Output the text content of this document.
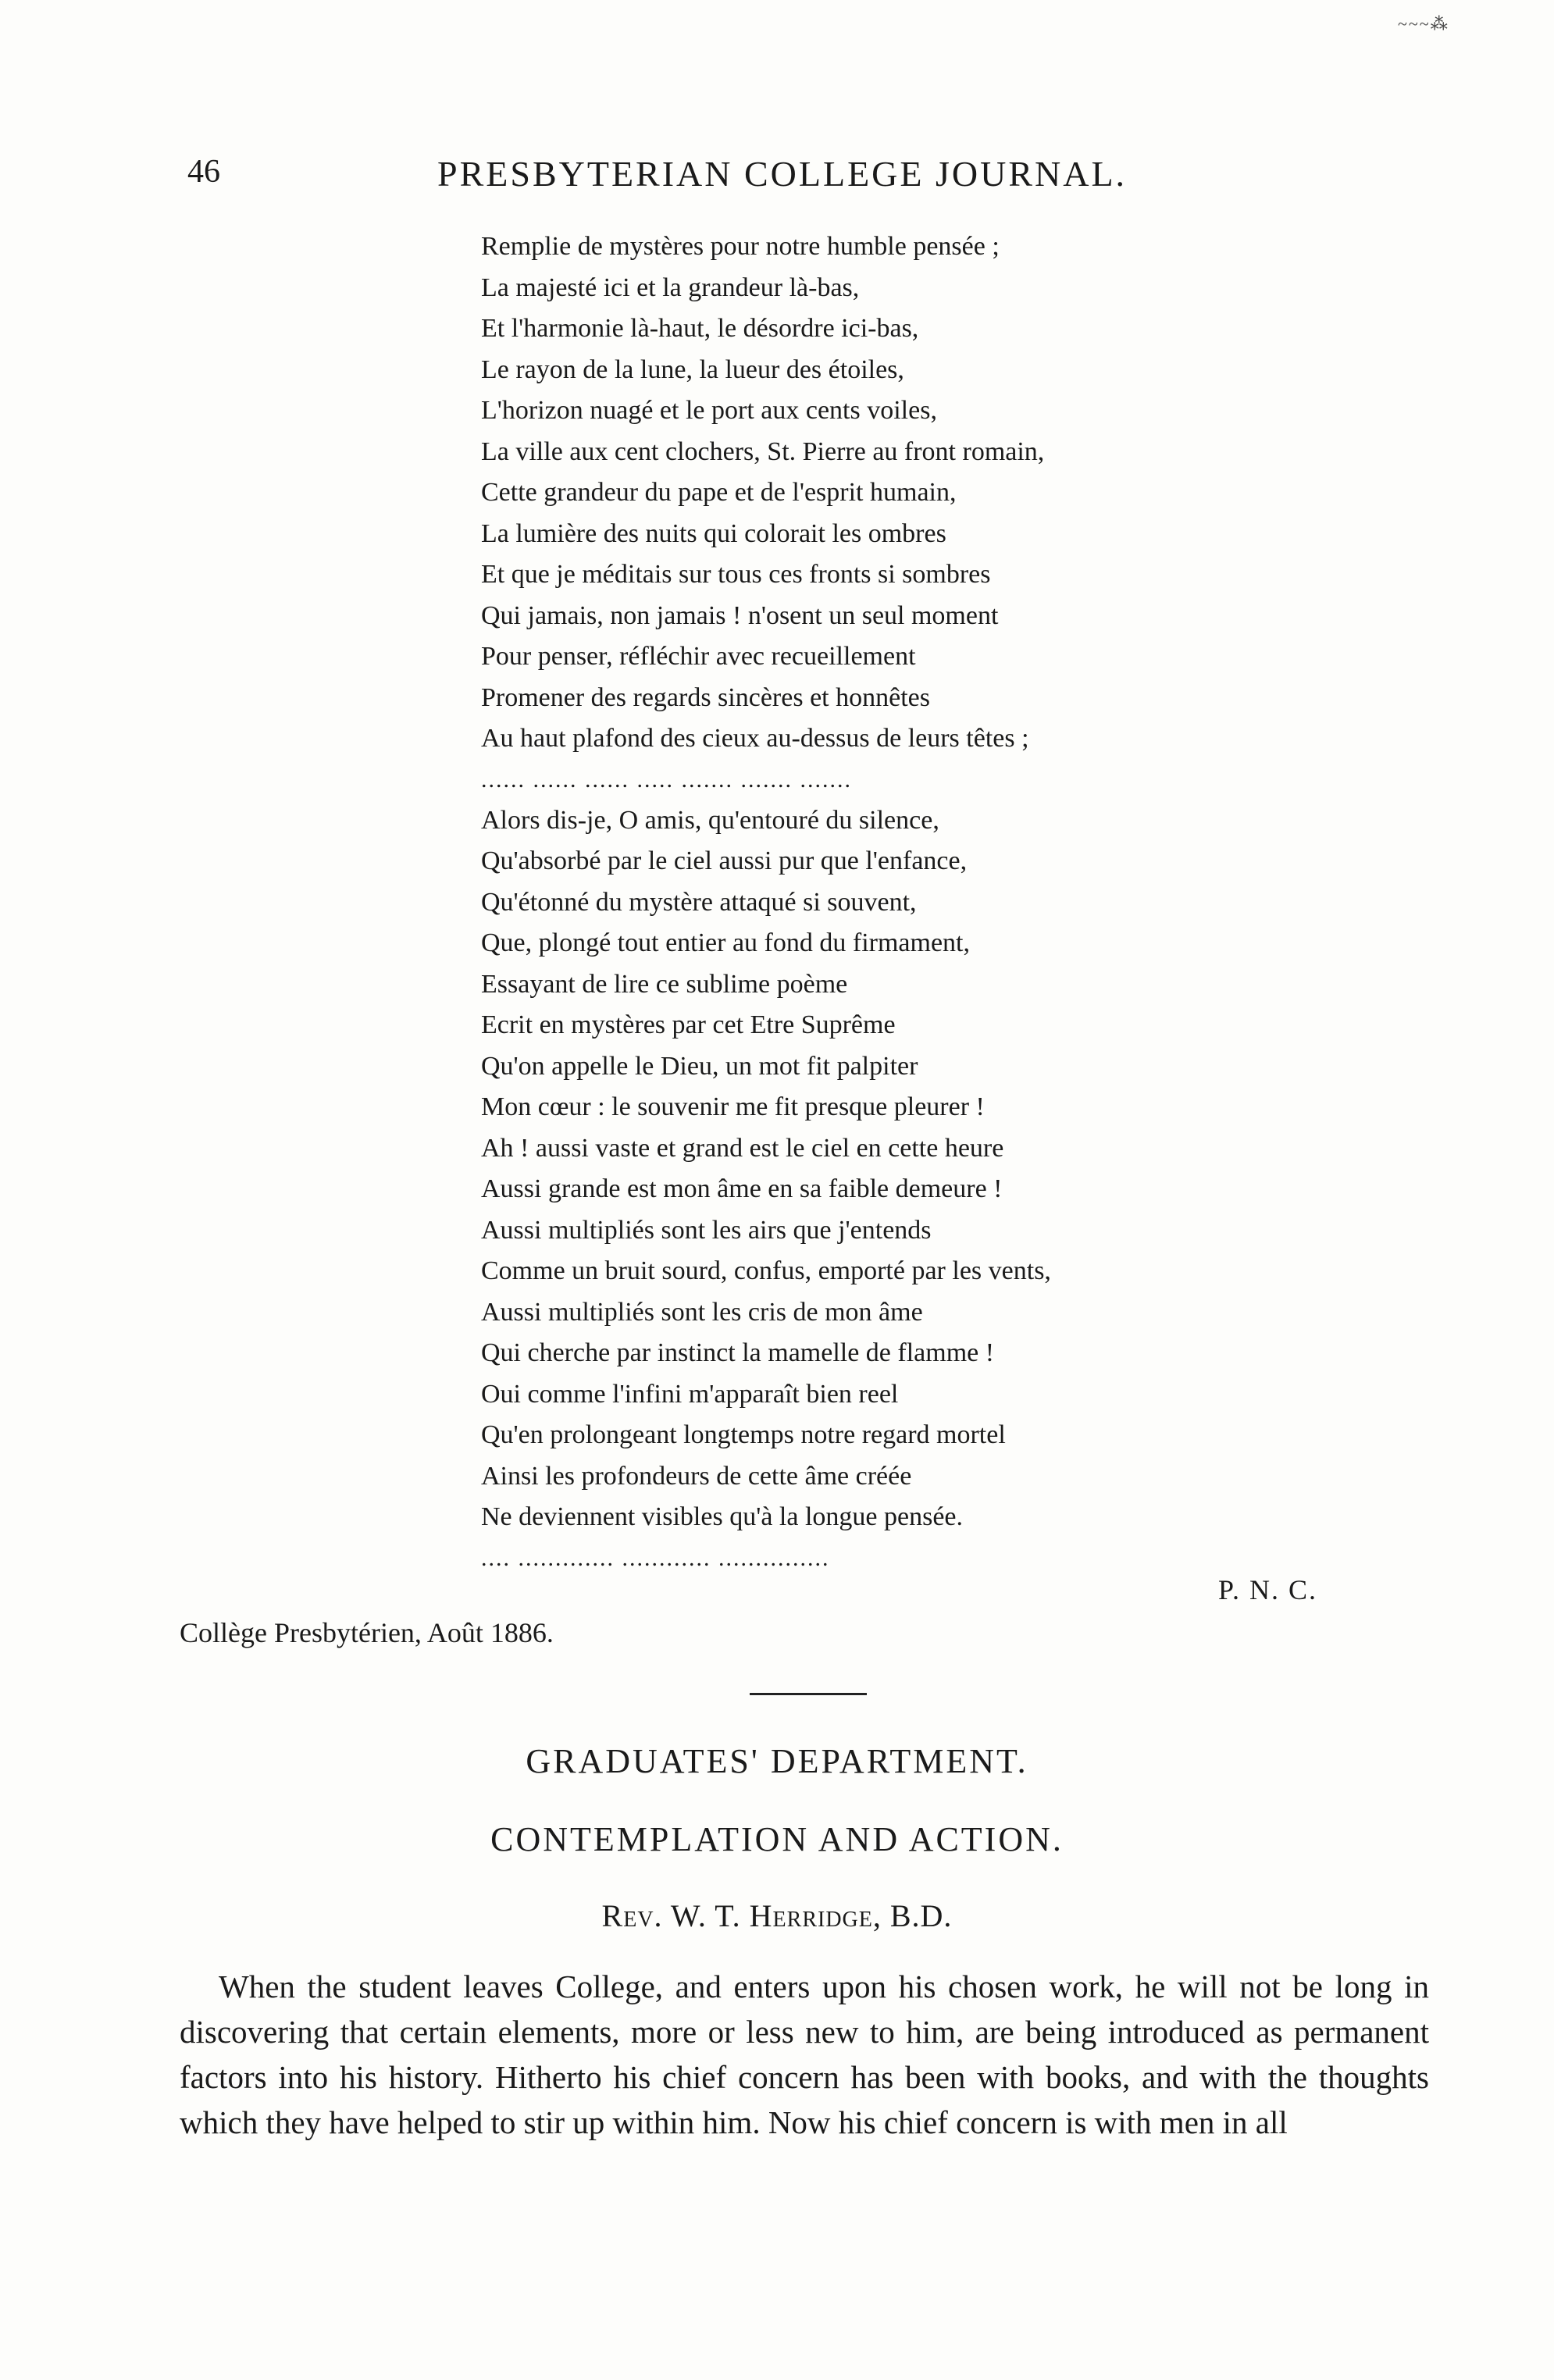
~~~⁂
46	PRESBYTERIAN COLLEGE JOURNAL.
Remplie de mystères pour notre humble pensée ;
La majesté ici et la grandeur là-bas,
Et l'harmonie là-haut, le désordre ici-bas,
Le rayon de la lune, la lueur des étoiles,
L'horizon nuagé et le port aux cents voiles,
La ville aux cent clochers, St. Pierre au front romain,
Cette grandeur du pape et de l'esprit humain,
La lumière des nuits qui colorait les ombres
Et que je méditais sur tous ces fronts si sombres
Qui jamais, non jamais ! n'osent un seul moment
Pour penser, réfléchir avec recueillement
Promener des regards sincères et honnêtes
Au haut plafond des cieux au-dessus de leurs têtes ;
...... ...... ...... ..... ....... ....... .......
Alors dis-je, O amis, qu'entouré du silence,
Qu'absorbé par le ciel aussi pur que l'enfance,
Qu'étonné du mystère attaqué si souvent,
Que, plongé tout entier au fond du firmament,
Essayant de lire ce sublime poème
Ecrit en mystères par cet Etre Suprême
Qu'on appelle le Dieu, un mot fit palpiter
Mon cœur : le souvenir me fit presque pleurer !
Ah ! aussi vaste et grand est le ciel en cette heure
Aussi grande est mon âme en sa faible demeure !
Aussi multipliés sont les airs que j'entends
Comme un bruit sourd, confus, emporté par les vents,
Aussi multipliés sont les cris de mon âme
Qui cherche par instinct la mamelle de flamme !
Oui comme l'infini m'apparaît bien reel
Qu'en prolongeant longtemps notre regard mortel
Ainsi les profondeurs de cette âme créée
Ne deviennent visibles qu'à la longue pensée.
.... ............. ............ ...............
P. N. C.
Collège Presbytérien, Août 1886.
GRADUATES' DEPARTMENT.
CONTEMPLATION AND ACTION.
Rev. W. T. Herridge, B.D.

When the student leaves College, and enters upon his chosen work, he will not be long in discovering that certain elements, more or less new to him, are being introduced as permanent factors into his history. Hitherto his chief concern has been with books, and with the thoughts which they have helped to stir up within him. Now his chief concern is with men in all
